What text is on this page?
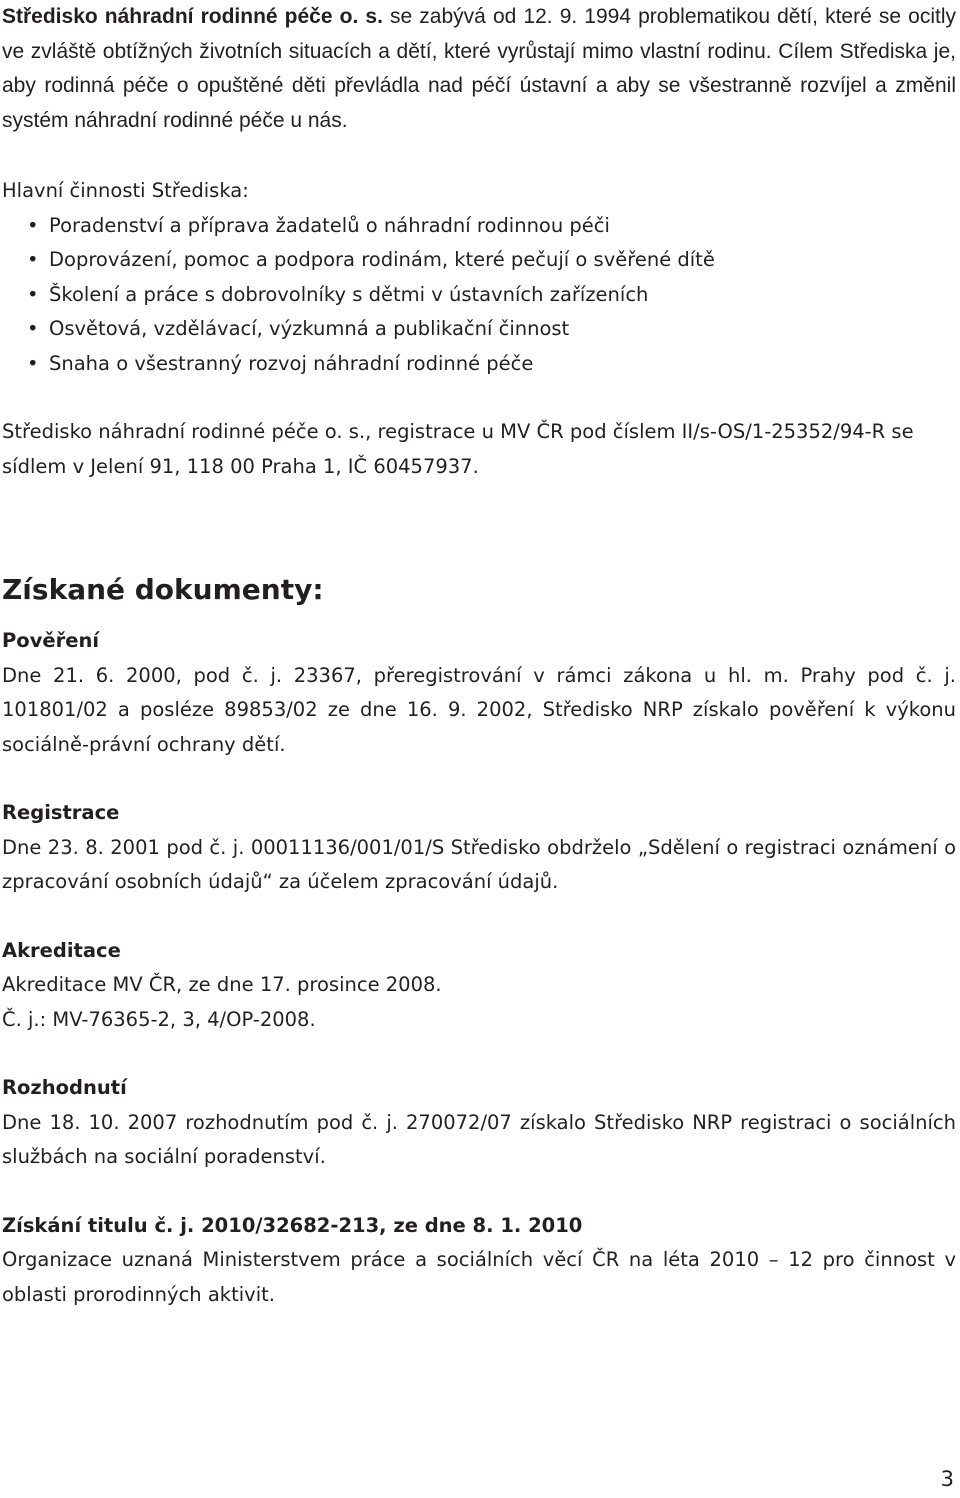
Středisko náhradní rodinné péče o. s. se zabývá od 12. 9. 1994 problematikou dětí, které se ocitly ve zvláště obtížných životních situacích a dětí, které vyrůstají mimo vlastní rodinu. Cílem Střediska je, aby rodinná péče o opuštěné děti převládla nad péčí ústavní a aby se všestranně rozvíjel a změnil systém náhradní rodinné péče u nás.

Hlavní činnosti Střediska:

• Poradenství a příprava žadatelů o náhradní rodinnou péči
• Doprovázení, pomoc a podpora rodinám, které pečují o svěřené dítě
• Školení a práce s dobrovolníky s dětmi v ústavních zařízeních
• Osvětová, vzdělávací, výzkumná a publikační činnost
• Snaha o všestranný rozvoj náhradní rodinné péče

Středisko náhradní rodinné péče o. s., registrace u MV ČR pod číslem II/s-OS/1-25352/94-R se sídlem v Jelení 91, 118 00 Praha 1, IČ 60457937.

Získané dokumenty:
Pověření

Dne 21. 6. 2000, pod č. j. 23367, přeregistrování v rámci zákona u hl. m. Prahy pod č. j. 101801/02 a posléze 89853/02 ze dne 16. 9. 2002, Středisko NRP získalo pověření k výkonu sociálně-právní ochrany dětí.

Registrace

Dne 23. 8. 2001 pod č. j. 00011136/001/01/S Středisko obdrželo „Sdělení o registraci oznámení o zpracování osobních údajů“ za účelem zpracování údajů.

Akreditace

Akreditace MV ČR, ze dne 17. prosince 2008.

Č. j.: MV-76365-2, 3, 4/OP-2008.

Rozhodnutí

Dne 18. 10. 2007 rozhodnutím pod č. j. 270072/07 získalo Středisko NRP registraci o sociálních službách na sociální poradenství.

Získání titulu č. j. 2010/32682-213, ze dne 8. 1. 2010

Organizace uznaná Ministerstvem práce a sociálních věcí ČR na léta 2010 – 12 pro činnost v oblasti prorodinných aktivit.

3
